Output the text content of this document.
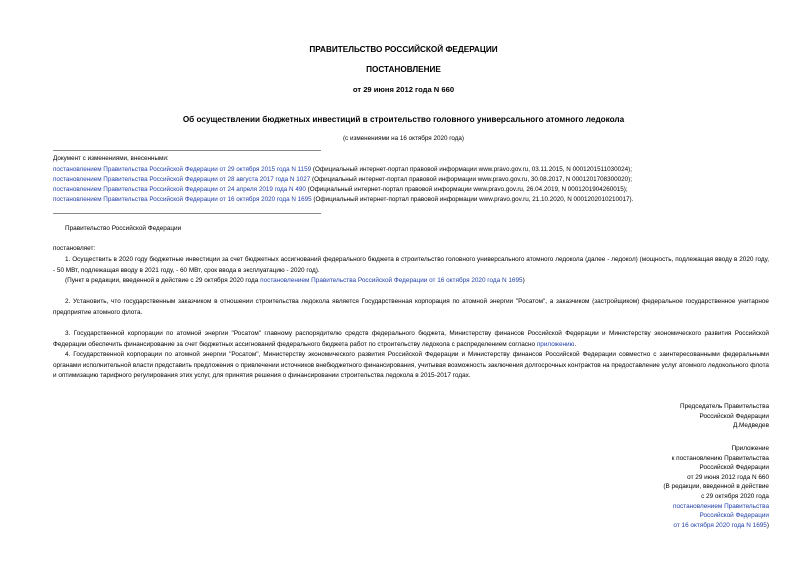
ПРАВИТЕЛЬСТВО РОССИЙСКОЙ ФЕДЕРАЦИИ
ПОСТАНОВЛЕНИЕ
от 29 июня 2012 года N 660
Об осуществлении бюджетных инвестиций в строительство головного универсального атомного ледокола
(с изменениями на 16 октября 2020 года)
Документ с изменениями, внесенными:
постановлением Правительства Российской Федерации от 29 октября 2015 года N 1159 (Официальный интернет-портал правовой информации www.pravo.gov.ru, 03.11.2015, N 0001201511030024);
постановлением Правительства Российской Федерации от 28 августа 2017 года N 1027 (Официальный интернет-портал правовой информации www.pravo.gov.ru, 30.08.2017, N 0001201708300020);
постановлением Правительства Российской Федерации от 24 апреля 2019 года N 490 (Официальный интернет-портал правовой информации www.pravo.gov.ru, 26.04.2019, N 0001201904260015);
постановлением Правительства Российской Федерации от 16 октября 2020 года N 1695 (Официальный интернет-портал правовой информации www.pravo.gov.ru, 21.10.2020, N 0001202010210017).
Правительство Российской Федерации
постановляет:
1. Осуществить в 2020 году бюджетные инвестиции за счет бюджетных ассигнований федерального бюджета в строительство головного универсального атомного ледокола (далее - ледокол) (мощность, подлежащая вводу в 2020 году, - 50 МВт, подлежащая вводу в 2021 году, - 60 МВт, срок ввода в эксплуатацию - 2020 год).
(Пункт в редакции, введенной в действие с 29 октября 2020 года постановлением Правительства Российской Федерации от 16 октября 2020 года N 1695)
2. Установить, что государственным заказчиком в отношении строительства ледокола является Государственная корпорация по атомной энергии "Росатом", а заказчиком (застройщиком) федеральное государственное унитарное предприятие атомного флота.
3. Государственной корпорации по атомной энергии "Росатом" главному распорядителю средств федерального бюджета, Министерству финансов Российской Федерации и Министерству экономического развития Российской Федерации обеспечить финансирование за счет бюджетных ассигнований федерального бюджета работ по строительству ледокола с распределением согласно приложению.
4. Государственной корпорации по атомной энергии "Росатом", Министерству экономического развития Российской Федерации и Министерству финансов Российской Федерации совместно с заинтересованными федеральными органами исполнительной власти представить предложения о привлечении источников внебюджетного финансирования, учитывая возможность заключения долгосрочных контрактов на предоставление услуг атомного ледокольного флота и оптимизацию тарифного регулирования этих услуг, для принятия решения о финансировании строительства ледокола в 2015-2017 годах.
Председатель Правительства
Российской Федерации
Д.Медведев
Приложение
к постановлению Правительства
Российской Федерации
от 29 июня 2012 года N 660
(В редакции, введенной в действие
с 29 октября 2020 года
постановлением Правительства
Российской Федерации
от 16 октября 2020 года N 1695)
